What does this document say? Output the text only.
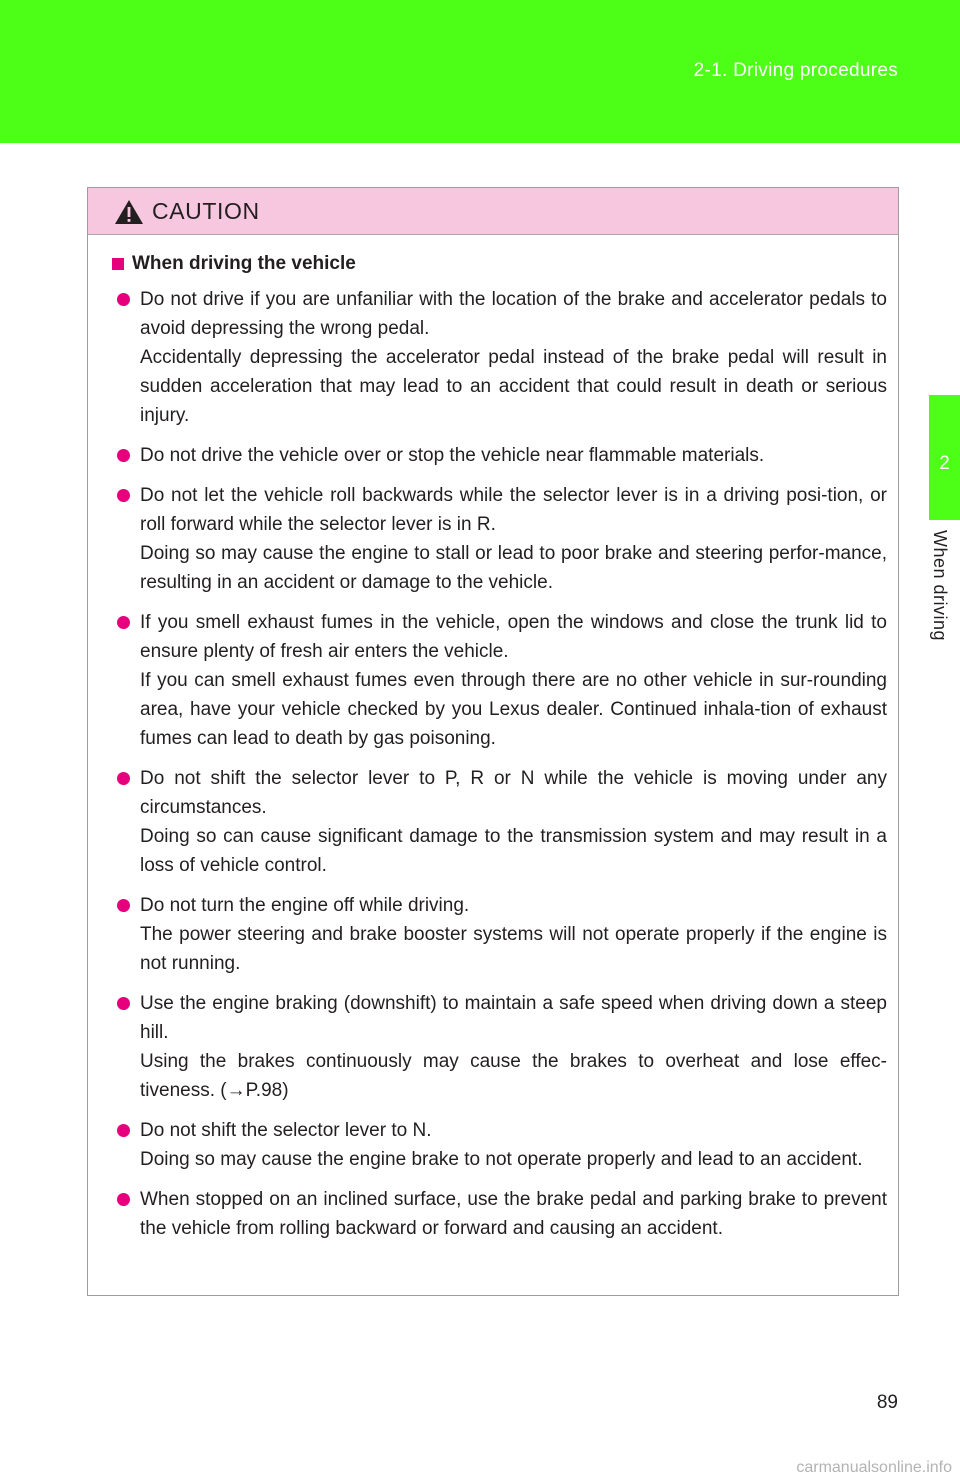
2-1. Driving procedures
2
When driving
CAUTION
When driving the vehicle

Do not drive if you are unfaniliar with the location of the brake and accelerator pedals to avoid depressing the wrong pedal.

Accidentally depressing the accelerator pedal instead of the brake pedal will result in sudden acceleration that may lead to an accident that could result in death or serious injury.

Do not drive the vehicle over or stop the vehicle near flammable materials.

Do not let the vehicle roll backwards while the selector lever is in a driving posi-tion, or roll forward while the selector lever is in R.

Doing so may cause the engine to stall or lead to poor brake and steering perfor-mance, resulting in an accident or damage to the vehicle.

If you smell exhaust fumes in the vehicle, open the windows and close the trunk lid to ensure plenty of fresh air enters the vehicle.

If you can smell exhaust fumes even through there are no other vehicle in sur-rounding area, have your vehicle checked by you Lexus dealer. Continued inhala-tion of exhaust fumes can lead to death by gas poisoning.

Do not shift the selector lever to P, R or N while the vehicle is moving under any circumstances.

Doing so can cause significant damage to the transmission system and may result in a loss of vehicle control.

Do not turn the engine off while driving.

The power steering and brake booster systems will not operate properly if the engine is not running.

Use the engine braking (downshift) to maintain a safe speed when driving down a steep hill.

Using the brakes continuously may cause the brakes to overheat and lose effec-tiveness. (→P.98)

Do not shift the selector lever to N.

Doing so may cause the engine brake to not operate properly and lead to an accident.

When stopped on an inclined surface, use the brake pedal and parking brake to prevent the vehicle from rolling backward or forward and causing an accident.

89
carmanualsonline.info
